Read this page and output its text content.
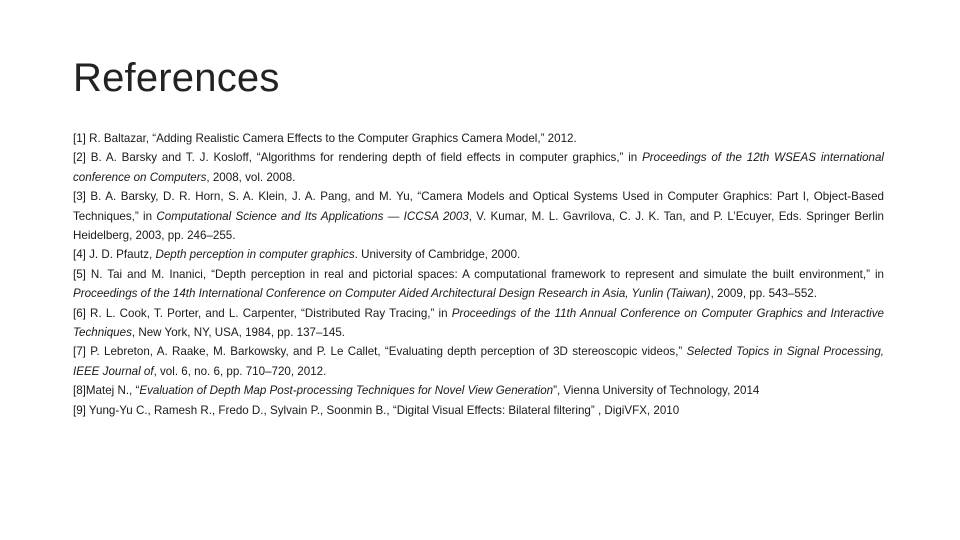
References

[1] R. Baltazar, “Adding Realistic Camera Effects to the Computer Graphics Camera Model,” 2012.

[2] B. A. Barsky and T. J. Kosloff, “Algorithms for rendering depth of field effects in computer graphics,” in Proceedings of the 12th WSEAS international conference on Computers, 2008, vol. 2008.

[3] B. A. Barsky, D. R. Horn, S. A. Klein, J. A. Pang, and M. Yu, “Camera Models and Optical Systems Used in Computer Graphics: Part I, Object-Based Techniques,” in Computational Science and Its Applications — ICCSA 2003, V. Kumar, M. L. Gavrilova, C. J. K. Tan, and P. L’Ecuyer, Eds. Springer Berlin Heidelberg, 2003, pp. 246–255.

[4] J. D. Pfautz, Depth perception in computer graphics. University of Cambridge, 2000.

[5] N. Tai and M. Inanici, “Depth perception in real and pictorial spaces: A computational framework to represent and simulate the built environment,” in Proceedings of the 14th International Conference on Computer Aided Architectural Design Research in Asia, Yunlin (Taiwan), 2009, pp. 543–552.

[6] R. L. Cook, T. Porter, and L. Carpenter, “Distributed Ray Tracing,” in Proceedings of the 11th Annual Conference on Computer Graphics and Interactive Techniques, New York, NY, USA, 1984, pp. 137–145.

[7] P. Lebreton, A. Raake, M. Barkowsky, and P. Le Callet, “Evaluating depth perception of 3D stereoscopic videos,” Selected Topics in Signal Processing, IEEE Journal of, vol. 6, no. 6, pp. 710–720, 2012.

[8]Matej N., “Evaluation of Depth Map Post-processing Techniques for Novel View Generation”, Vienna University of Technology, 2014

[9] Yung-Yu C., Ramesh R., Fredo D., Sylvain P., Soonmin B., “Digital Visual Effects: Bilateral filtering” , DigiVFX, 2010
